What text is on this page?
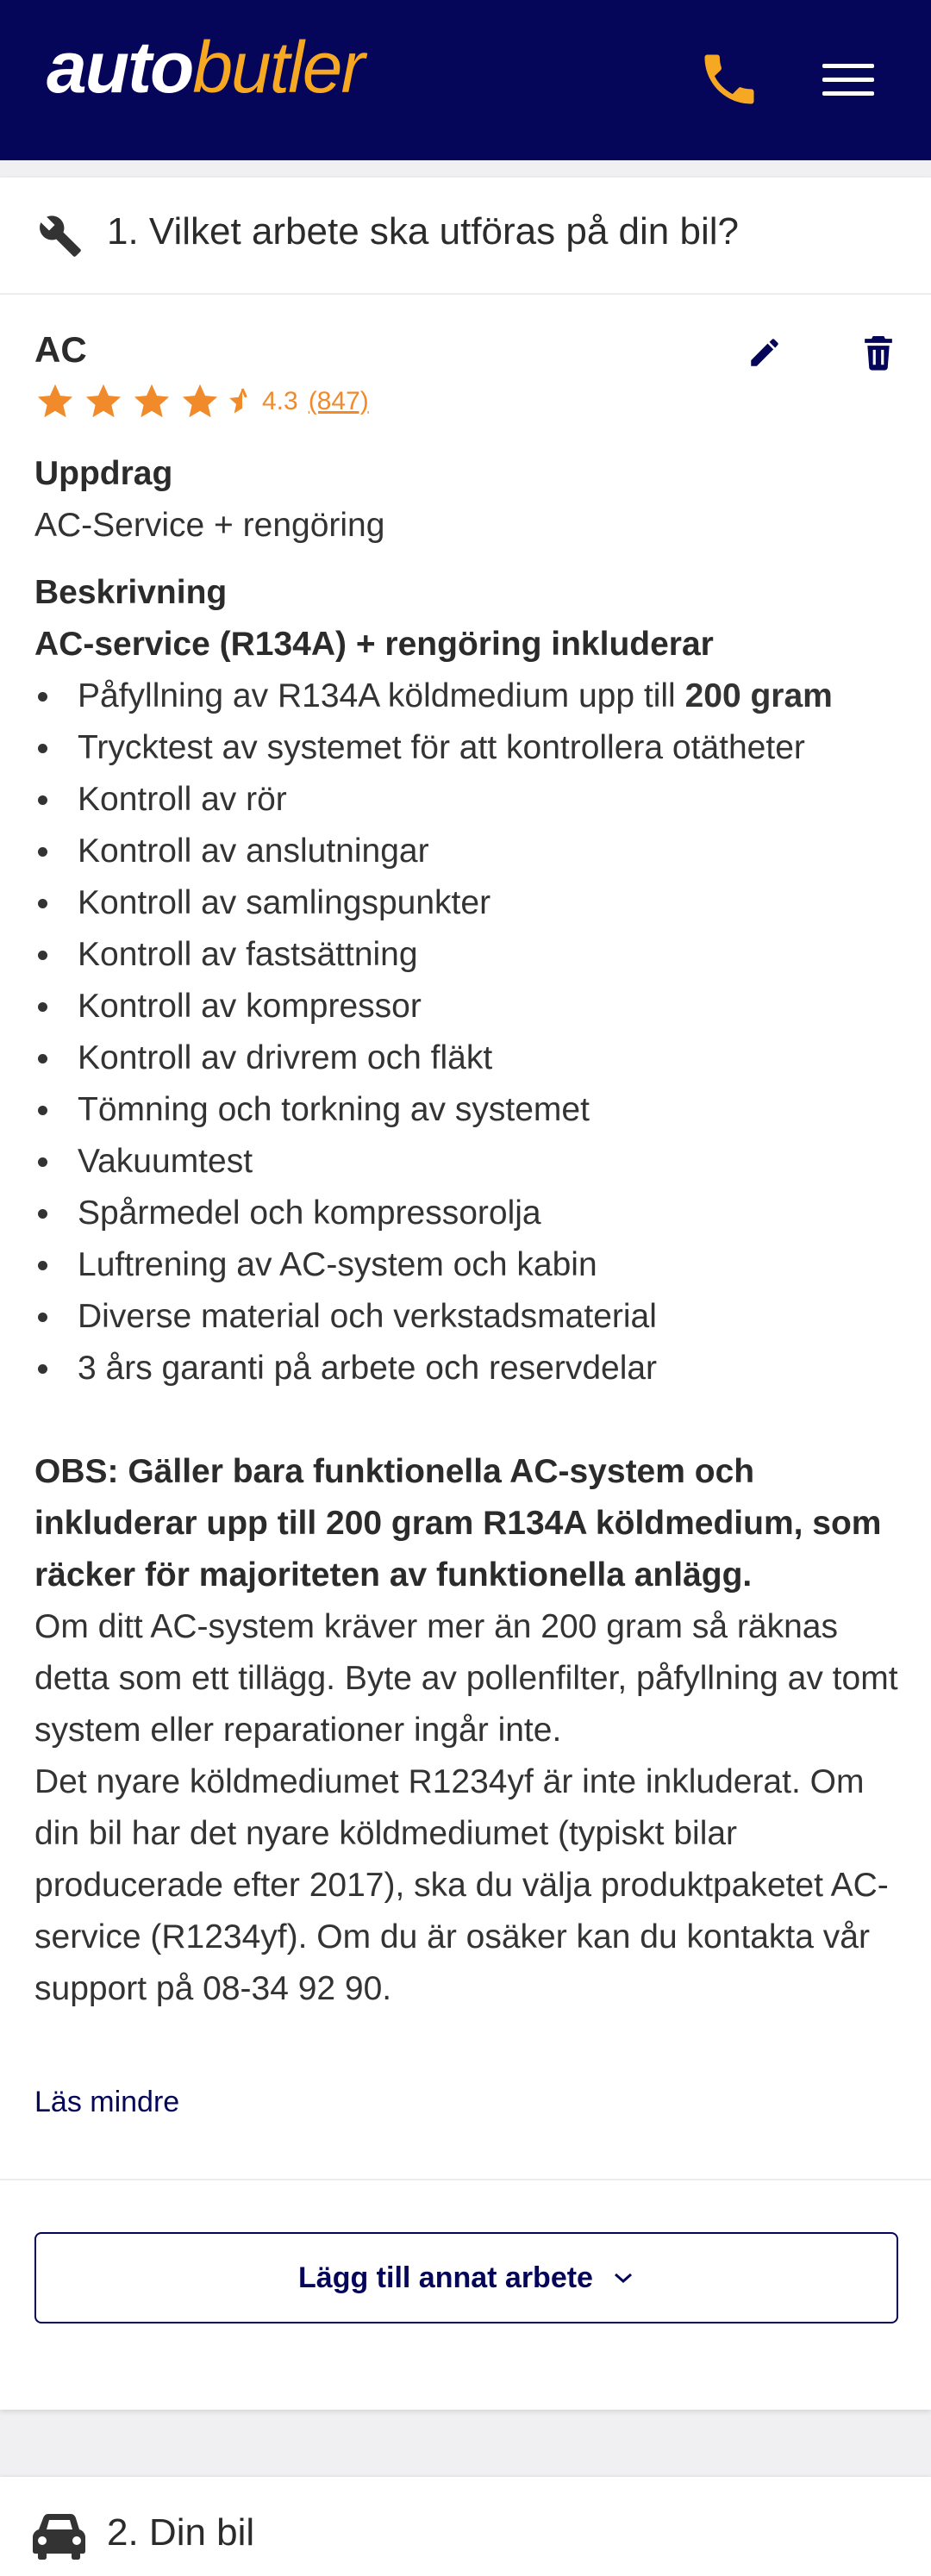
autobutler
1. Vilket arbete ska utföras på din bil?
AC
4.3 (847)
Uppdrag
AC-Service + rengöring
Beskrivning
AC-service (R134A) + rengöring inkluderar
Påfyllning av R134A köldmedium upp till 200 gram
Trycktest av systemet för att kontrollera otätheter
Kontroll av rör
Kontroll av anslutningar
Kontroll av samlingspunkter
Kontroll av fastsättning
Kontroll av kompressor
Kontroll av drivrem och fläkt
Tömning och torkning av systemet
Vakuumtest
Spårmedel och kompressorolja
Luftrening av AC-system och kabin
Diverse material och verkstadsmaterial
3 års garanti på arbete och reservdelar
OBS: Gäller bara funktionella AC-system och inkluderar upp till 200 gram R134A köldmedium, som räcker för majoriteten av funktionella anlägg.
Om ditt AC-system kräver mer än 200 gram så räknas detta som ett tillägg. Byte av pollenfilter, påfyllning av tomt system eller reparationer ingår inte.
Det nyare köldmediumet R1234yf är inte inkluderat. Om din bil har det nyare köldmediumet (typiskt bilar producerade efter 2017), ska du välja produktpaketet AC-service (R1234yf). Om du är osäker kan du kontakta vår support på 08-34 92 90.
Läs mindre
Lägg till annat arbete
2. Din bil
